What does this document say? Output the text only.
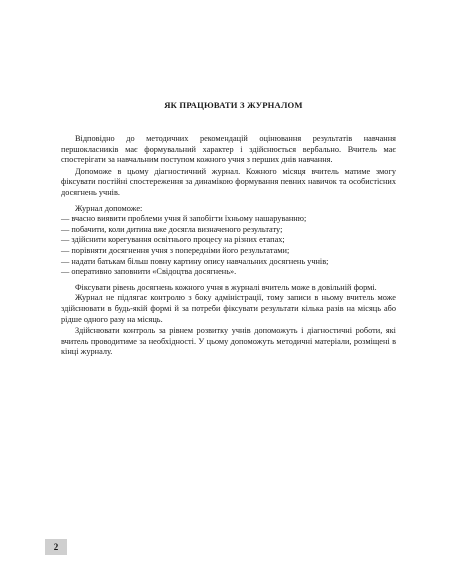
ЯК ПРАЦЮВАТИ З ЖУРНАЛОМ

Відповідно до методичних рекомендацій оцінювання результатів навчання першокласників має формувальний характер і здійснюється вербально. Вчитель має спостерігати за навчальним поступом кожного учня з перших днів навчання.

Допоможе в цьому діагностичний журнал. Кожного місяця вчитель матиме змогу фіксувати постійні спостереження за динамікою формування певних навичок та особистісних досягнень учнів.

Журнал допоможе:

— вчасно виявити проблеми учня й запобігти їхньому нашаруванню;
— побачити, коли дитина вже досягла визначеного результату;
— здійснити корегування освітнього процесу на різних етапах;
— порівняти досягнення учня з попередніми його результатами;
— надати батькам більш повну картину опису навчальних досягнень учнів;
— оперативно заповнити «Свідоцтва досягнень».

Фіксувати рівень досягнень кожного учня в журналі вчитель може в довільній формі.

Журнал не підлягає контролю з боку адміністрації, тому записи в ньому вчитель може здійснювати в будь-якій формі й за потреби фіксувати результати кілька разів на місяць або рідше одного разу на місяць.

Здійснювати контроль за рівнем розвитку учнів допоможуть і діагностичні роботи, які вчитель проводитиме за необхідності. У цьому допоможуть методичні матеріали, розміщені в кінці журналу.

2
